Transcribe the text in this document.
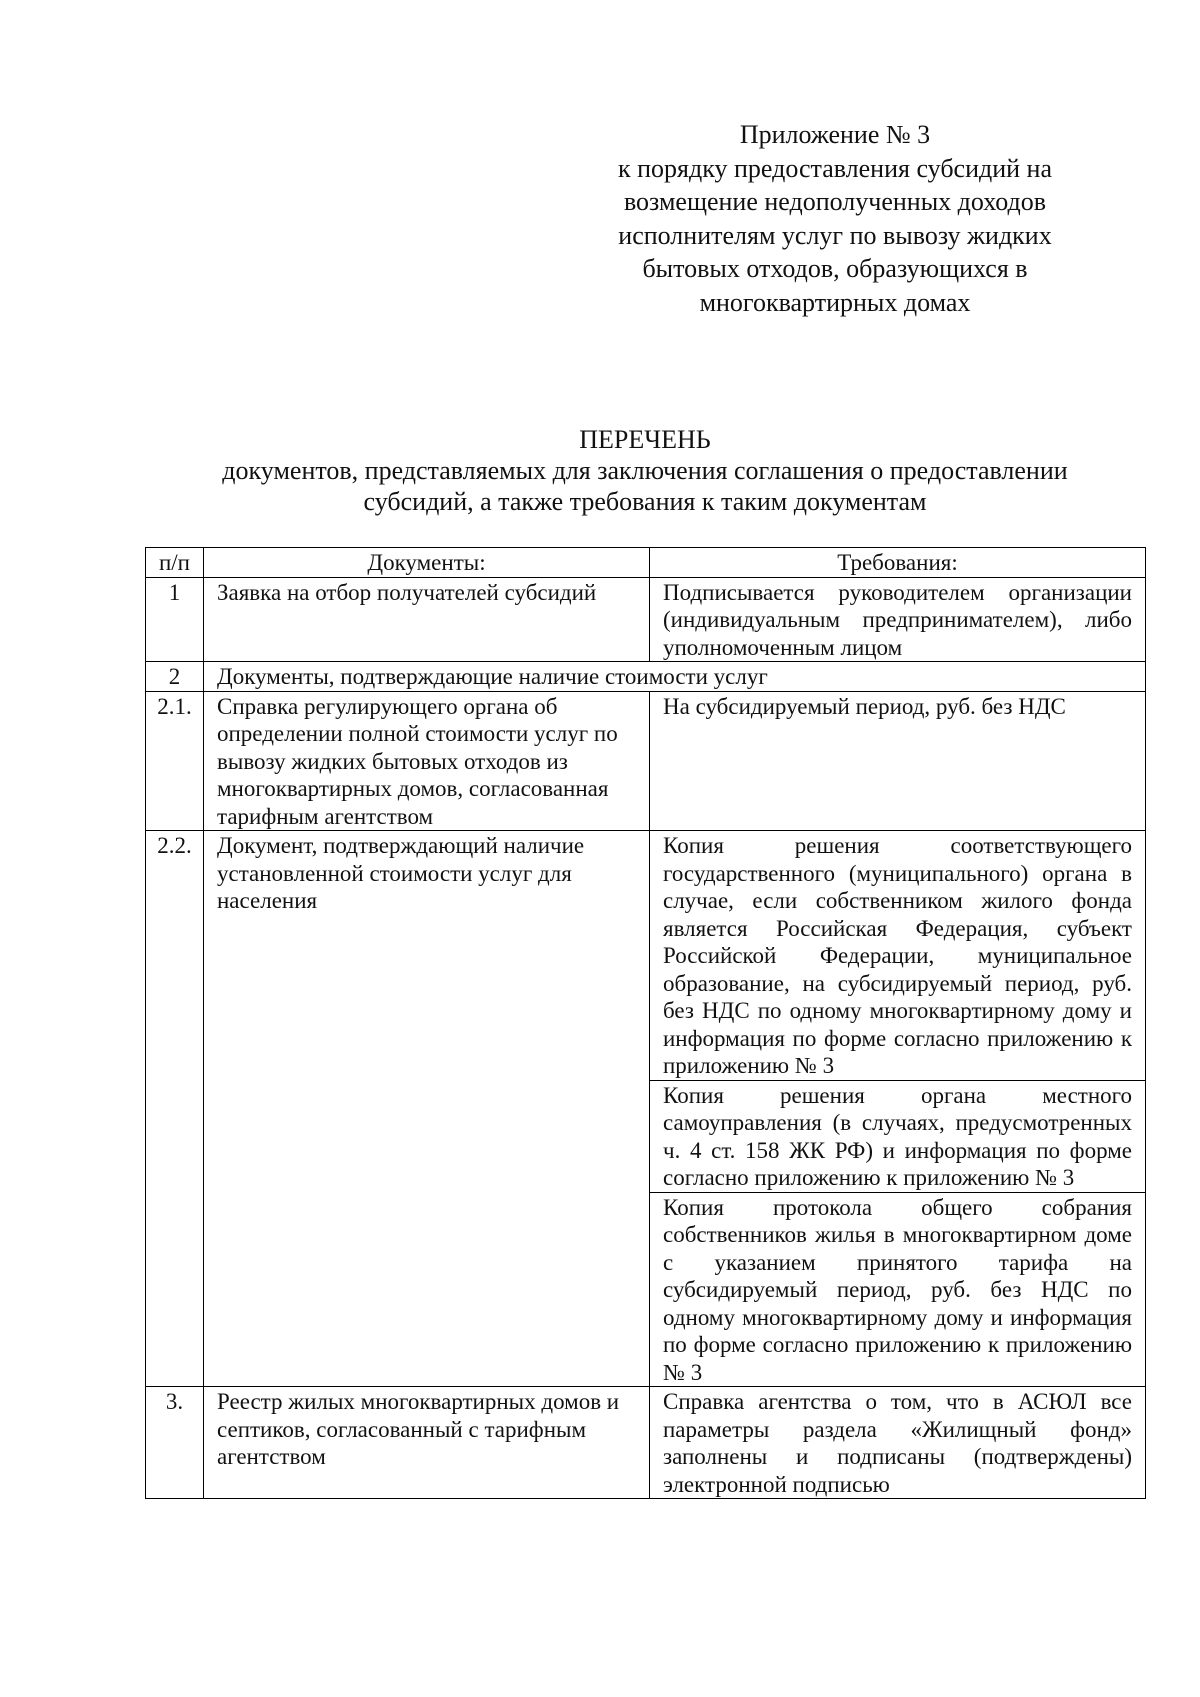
Приложение № 3
к порядку предоставления субсидий на
возмещение недополученных доходов
исполнителям услуг по вывозу жидких
бытовых отходов, образующихся в
многоквартирных домах
ПЕРЕЧЕНЬ
документов, представляемых для заключения соглашения о предоставлении
субсидий, а также требования к таким документам
п/п	Документы:	Требования:
1	Заявка на отбор получателей субсидий	Подписывается руководителем организации (индивидуальным предпринимателем), либо уполномоченным лицом
2	Документы, подтверждающие наличие стоимости услуг	
2.1.	Справка регулирующего органа об определении полной стоимости услуг по вывозу жидких бытовых отходов из многоквартирных домов, согласованная тарифным агентством	На субсидируемый период, руб. без НДС
2.2.	Документ, подтверждающий наличие установленной стоимости услуг для населения	Копия решения соответствующего государственного (муниципального) органа в случае, если собственником жилого фонда является Российская Федерация, субъект Российской Федерации, муниципальное образование, на субсидируемый период, руб. без НДС по одному многоквартирному дому и информация по форме согласно приложению к приложению № 3
		Копия решения органа местного самоуправления (в случаях, предусмотренных ч. 4 ст. 158 ЖК РФ) и информация по форме согласно приложению к приложению № 3
		Копия протокола общего собрания собственников жилья в многоквартирном доме с указанием принятого тарифа на субсидируемый период, руб. без НДС по одному многоквартирному дому и информация по форме согласно приложению к приложению № 3
3.	Реестр жилых многоквартирных домов и септиков, согласованный с тарифным агентством	Справка агентства о том, что в АСЮЛ все параметры раздела «Жилищный фонд» заполнены и подписаны (подтверждены) электронной подписью
